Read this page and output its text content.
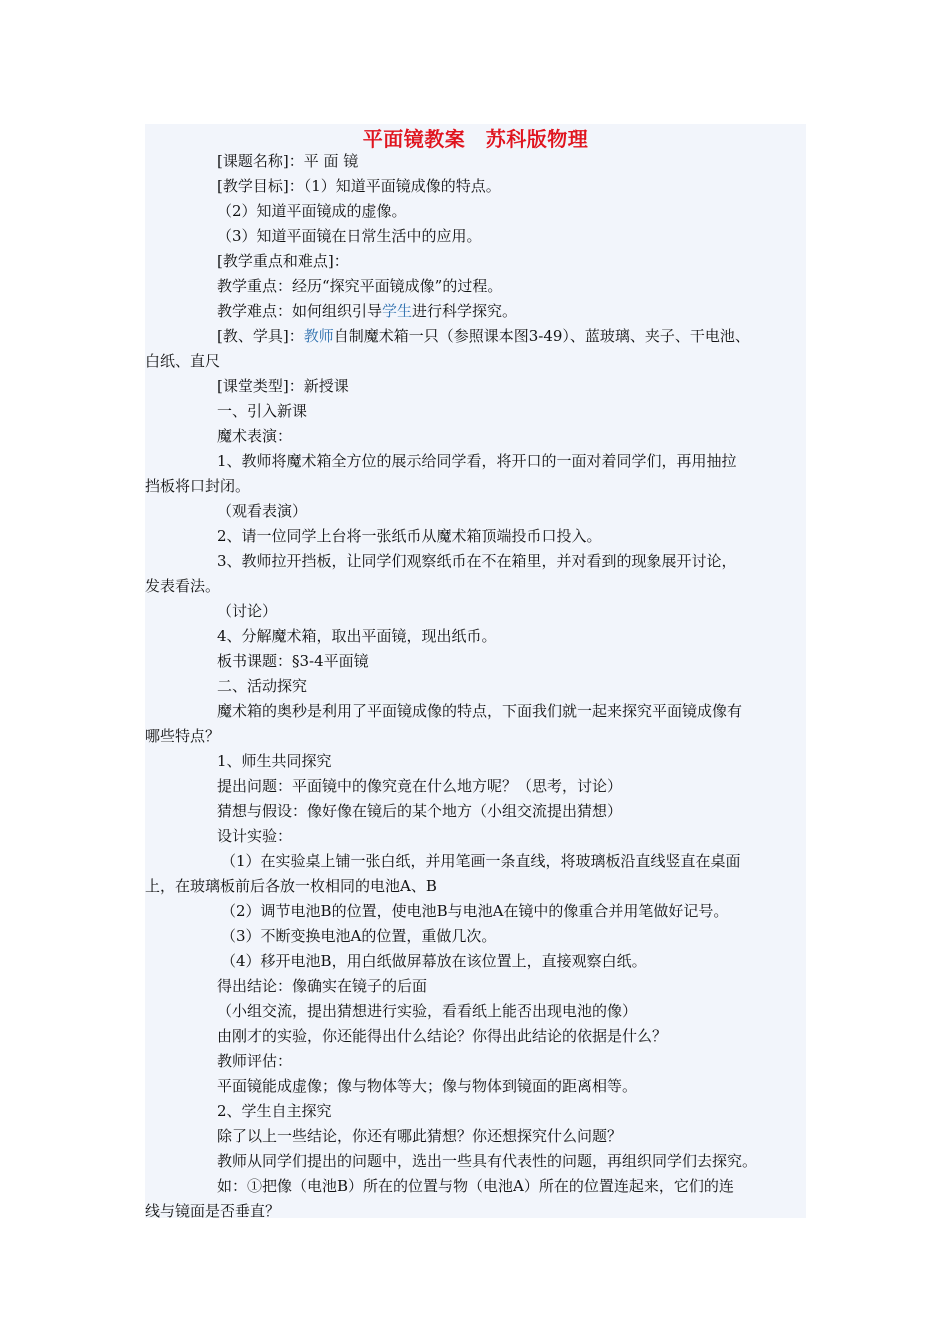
平面镜教案　苏科版物理
[课题名称]：平 面 镜
[教学目标]：（1）知道平面镜成像的特点。
（2）知道平面镜成的虚像。
（3）知道平面镜在日常生活中的应用。
[教学重点和难点]：
教学重点：经历“探究平面镜成像”的过程。
教学难点：如何组织引导学生进行科学探究。
[教、学具]：教师自制魔术箱一只（参照课本图3-49）、蓝玻璃、夹子、干电池、
白纸、直尺
[课堂类型]：新授课
一、引入新课
魔术表演：
1、教师将魔术箱全方位的展示给同学看，将开口的一面对着同学们，再用抽拉
挡板将口封闭。
（观看表演）
2、请一位同学上台将一张纸币从魔术箱顶端投币口投入。
3、教师拉开挡板，让同学们观察纸币在不在箱里，并对看到的现象展开讨论，
发表看法。
（讨论）
4、分解魔术箱，取出平面镜，现出纸币。
板书课题：§3-4平面镜
二、活动探究
魔术箱的奥秒是利用了平面镜成像的特点，下面我们就一起来探究平面镜成像有
哪些特点？
1、师生共同探究
提出问题：平面镜中的像究竟在什么地方呢？（思考，讨论）
猜想与假设：像好像在镜后的某个地方（小组交流提出猜想）
设计实验：
（1）在实验桌上铺一张白纸，并用笔画一条直线，将玻璃板沿直线竖直在桌面
上，在玻璃板前后各放一枚相同的电池A、B
（2）调节电池B的位置，使电池B与电池A在镜中的像重合并用笔做好记号。
（3）不断变换电池A的位置，重做几次。
（4）移开电池B，用白纸做屏幕放在该位置上，直接观察白纸。
得出结论：像确实在镜子的后面
（小组交流，提出猜想进行实验，看看纸上能否出现电池的像）
由刚才的实验，你还能得出什么结论？你得出此结论的依据是什么？
教师评估：
平面镜能成虚像；像与物体等大；像与物体到镜面的距离相等。
2、学生自主探究
除了以上一些结论，你还有哪此猜想？你还想探究什么问题？
教师从同学们提出的问题中，选出一些具有代表性的问题，再组织同学们去探究。
如：①把像（电池B）所在的位置与物（电池A）所在的位置连起来，它们的连
线与镜面是否垂直？
